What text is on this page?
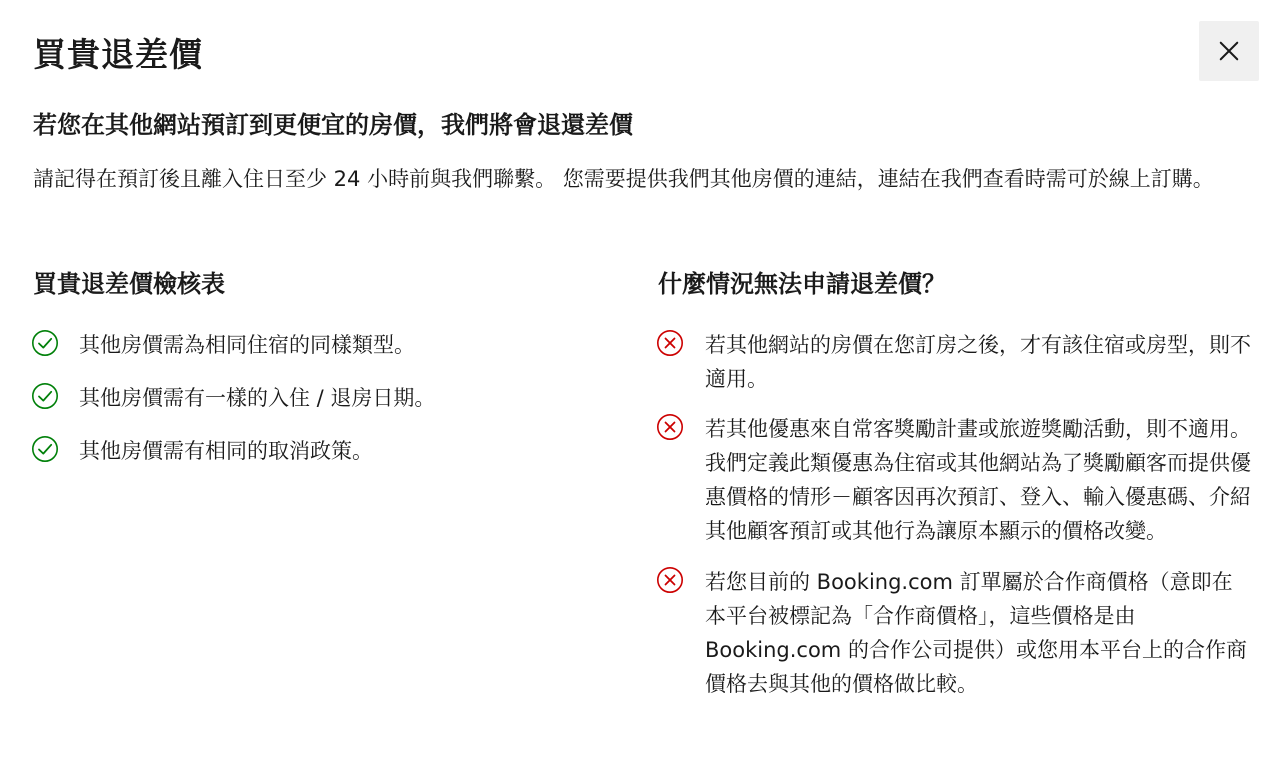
買貴退差價
若您在其他網站預訂到更便宜的房價，我們將會退還差價

請記得在預訂後且離入住日至少 24 小時前與我們聯繫。 您需要提供我們其他房價的連結，連結在我們查看時需可於線上訂購。

買貴退差價檢核表
其他房價需為相同住宿的同樣類型。
其他房價需有一樣的入住 / 退房日期。
其他房價需有相同的取消政策。
什麼情況無法申請退差價？
若其他網站的房價在您訂房之後，才有該住宿或房型，則不適用。
若其他優惠來自常客獎勵計畫或旅遊獎勵活動，則不適用。我們定義此類優惠為住宿或其他網站為了獎勵顧客而提供優惠價格的情形－顧客因再次預訂、登入、輸入優惠碼、介紹其他顧客預訂或其他行為讓原本顯示的價格改變。
若您目前的 Booking.com 訂單屬於合作商價格（意即在本平台被標記為「合作商價格」，這些價格是由 Booking.com 的合作公司提供）或您用本平台上的合作商價格去與其他的價格做比較。
